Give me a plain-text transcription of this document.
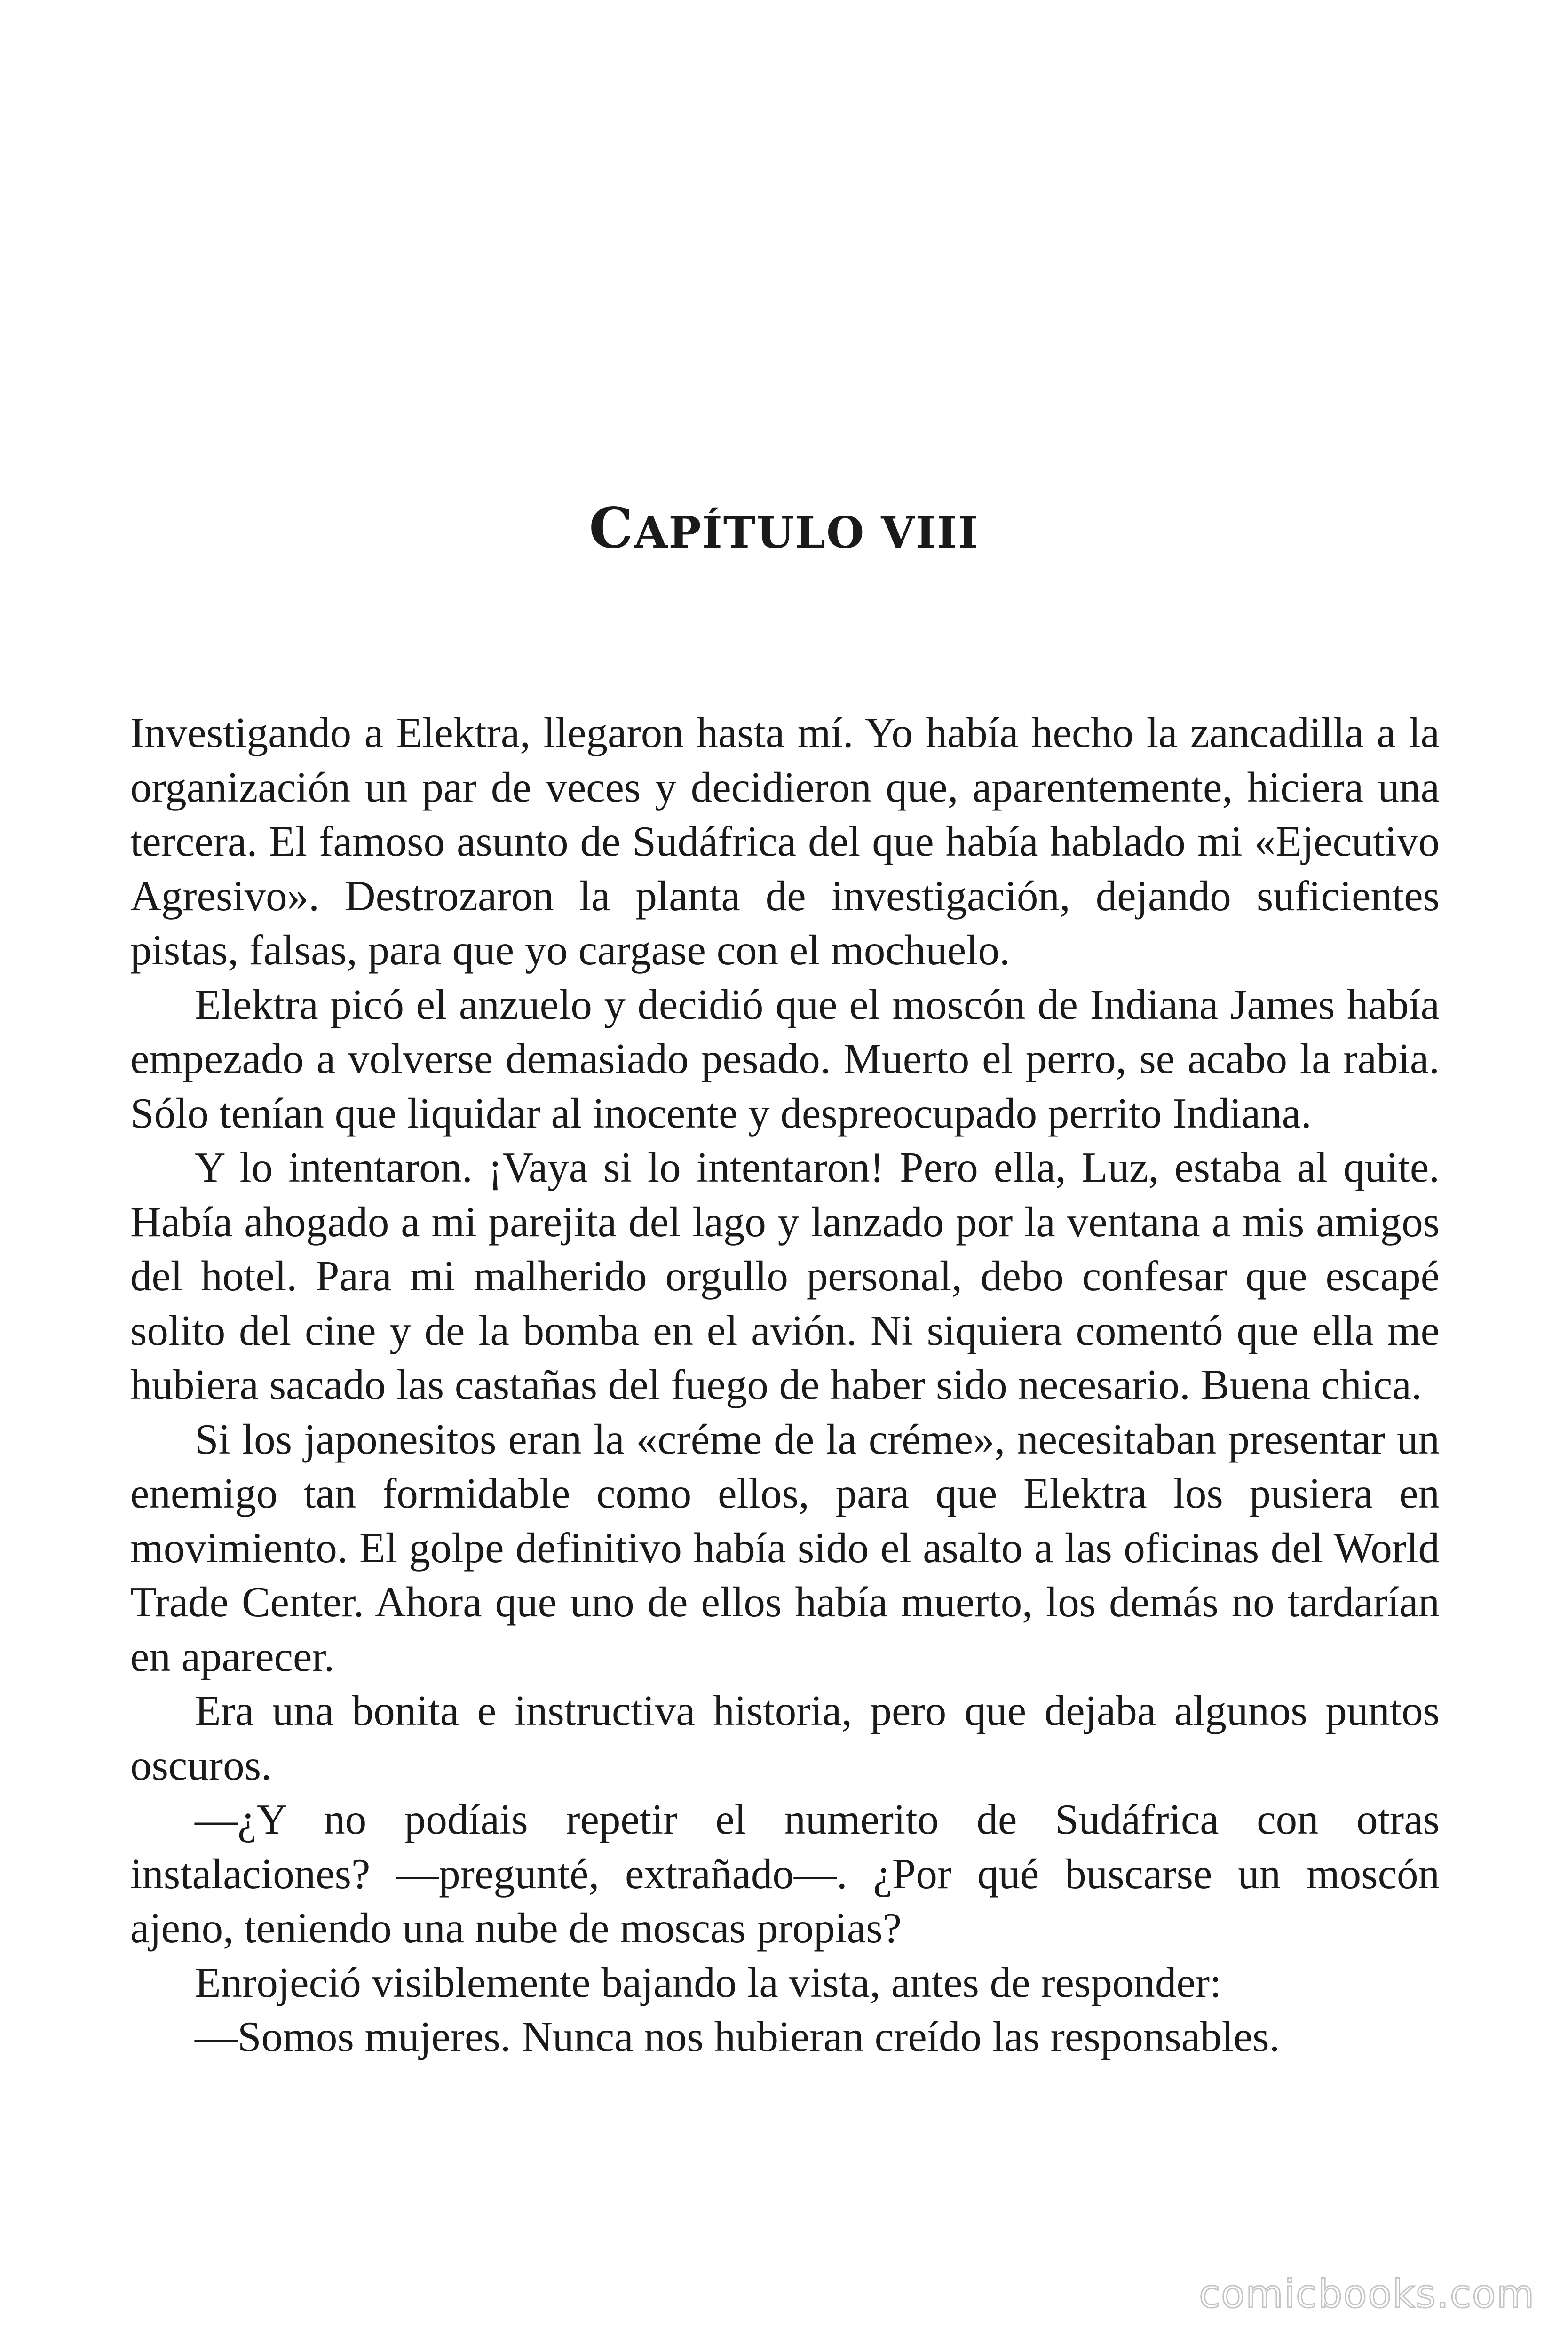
CAPÍTULO VIII

Investigando a Elektra, llegaron hasta mí. Yo había hecho la zancadilla a la organización un par de veces y decidieron que, aparentemente, hiciera una tercera. El famoso asunto de Sudáfrica del que había hablado mi «Ejecutivo Agresivo». Destrozaron la planta de investigación, dejando suficientes pistas, falsas, para que yo cargase con el mochuelo.

Elektra picó el anzuelo y decidió que el moscón de Indiana James había empezado a volverse demasiado pesado. Muerto el perro, se acabo la rabia. Sólo tenían que liquidar al inocente y despreocupado perrito Indiana.

Y lo intentaron. ¡Vaya si lo intentaron! Pero ella, Luz, estaba al quite. Había ahogado a mi parejita del lago y lanzado por la ventana a mis amigos del hotel. Para mi malherido orgullo personal, debo confesar que escapé solito del cine y de la bomba en el avión. Ni siquiera comentó que ella me hubiera sacado las castañas del fuego de haber sido necesario. Buena chica.

Si los japonesitos eran la «créme de la créme», necesitaban presentar un enemigo tan formidable como ellos, para que Elektra los pusiera en movimiento. El golpe definitivo había sido el asalto a las oficinas del World Trade Center. Ahora que uno de ellos había muerto, los demás no tardarían en aparecer.

Era una bonita e instructiva historia, pero que dejaba algunos puntos oscuros.

—¿Y no podíais repetir el numerito de Sudáfrica con otras instalaciones? —pregunté, extrañado—. ¿Por qué buscarse un moscón ajeno, teniendo una nube de moscas propias?

Enrojeció visiblemente bajando la vista, antes de responder:

—Somos mujeres. Nunca nos hubieran creído las responsables.

comicbooks.com
